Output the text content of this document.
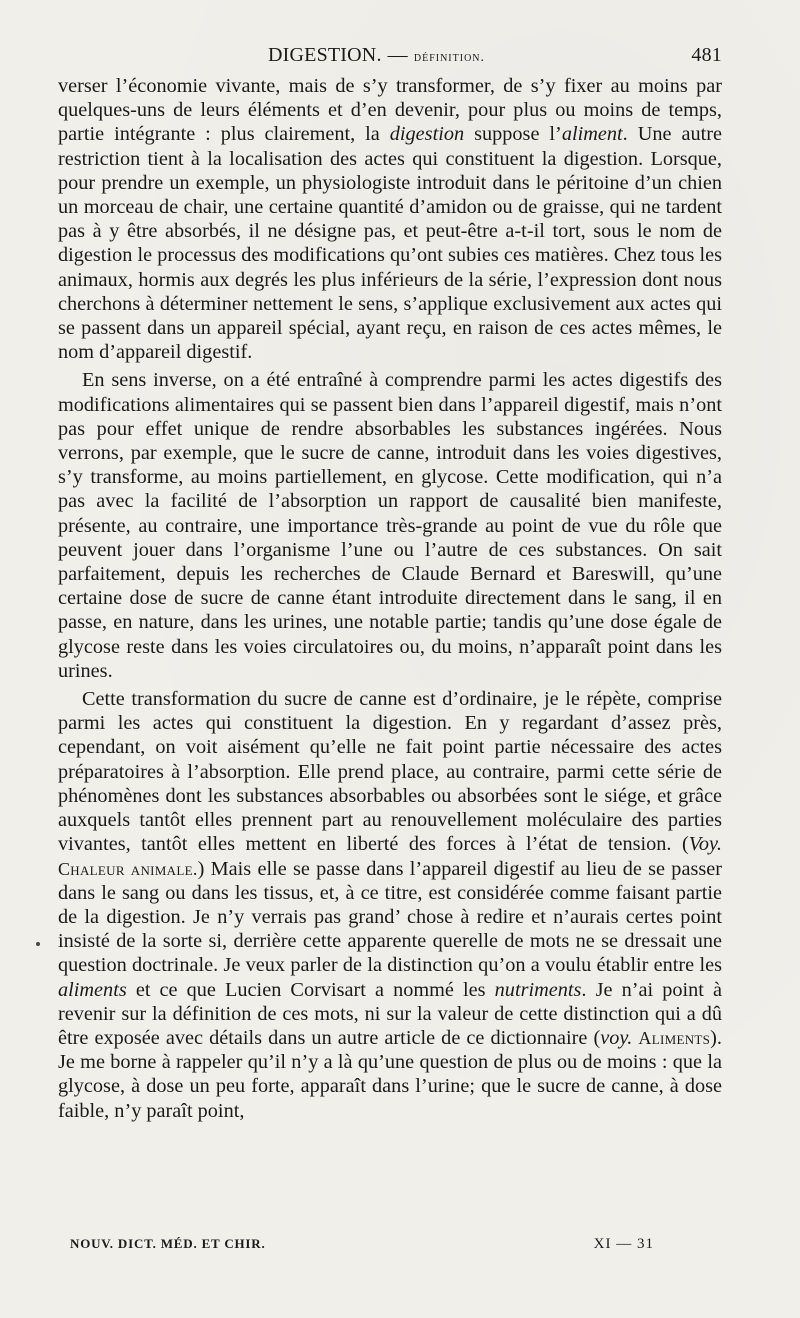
DIGESTION. — définition.	481

verser l’économie vivante, mais de s’y transformer, de s’y fixer au moins par quelques-uns de leurs éléments et d’en devenir, pour plus ou moins de temps, partie intégrante : plus clairement, la digestion suppose l’aliment. Une autre restriction tient à la localisation des actes qui constituent la digestion. Lorsque, pour prendre un exemple, un physiologiste introduit dans le péritoine d’un chien un morceau de chair, une certaine quantité d’amidon ou de graisse, qui ne tardent pas à y être absorbés, il ne désigne pas, et peut-être a-t-il tort, sous le nom de digestion le processus des modifications qu’ont subies ces matières. Chez tous les animaux, hormis aux degrés les plus inférieurs de la série, l’expression dont nous cherchons à déterminer nettement le sens, s’applique exclusivement aux actes qui se passent dans un appareil spécial, ayant reçu, en raison de ces actes mêmes, le nom d’appareil digestif.

En sens inverse, on a été entraîné à comprendre parmi les actes digestifs des modifications alimentaires qui se passent bien dans l’appareil digestif, mais n’ont pas pour effet unique de rendre absorbables les substances ingérées. Nous verrons, par exemple, que le sucre de canne, introduit dans les voies digestives, s’y transforme, au moins partiellement, en glycose. Cette modification, qui n’a pas avec la facilité de l’absorption un rapport de causalité bien manifeste, présente, au contraire, une importance très-grande au point de vue du rôle que peuvent jouer dans l’organisme l’une ou l’autre de ces substances. On sait parfaitement, depuis les recherches de Claude Bernard et Bareswill, qu’une certaine dose de sucre de canne étant introduite directement dans le sang, il en passe, en nature, dans les urines, une notable partie; tandis qu’une dose égale de glycose reste dans les voies circulatoires ou, du moins, n’apparaît point dans les urines.

Cette transformation du sucre de canne est d’ordinaire, je le répète, comprise parmi les actes qui constituent la digestion. En y regardant d’assez près, cependant, on voit aisément qu’elle ne fait point partie nécessaire des actes préparatoires à l’absorption. Elle prend place, au contraire, parmi cette série de phénomènes dont les substances absorbables ou absorbées sont le siége, et grâce auxquels tantôt elles prennent part au renouvellement moléculaire des parties vivantes, tantôt elles mettent en liberté des forces à l’état de tension. (Voy. Chaleur animale.) Mais elle se passe dans l’appareil digestif au lieu de se passer dans le sang ou dans les tissus, et, à ce titre, est considérée comme faisant partie de la digestion. Je n’y verrais pas grand’ chose à redire et n’aurais certes point insisté de la sorte si, derrière cette apparente querelle de mots ne se dressait une question doctrinale. Je veux parler de la distinction qu’on a voulu établir entre les aliments et ce que Lucien Corvisart a nommé les nutriments. Je n’ai point à revenir sur la définition de ces mots, ni sur la valeur de cette distinction qui a dû être exposée avec détails dans un autre article de ce dictionnaire (voy. Aliments). Je me borne à rappeler qu’il n’y a là qu’une question de plus ou de moins : que la glycose, à dose un peu forte, apparaît dans l’urine; que le sucre de canne, à dose faible, n’y paraît point,

NOUV. DICT. MÉD. ET CHIR.	XI — 31
